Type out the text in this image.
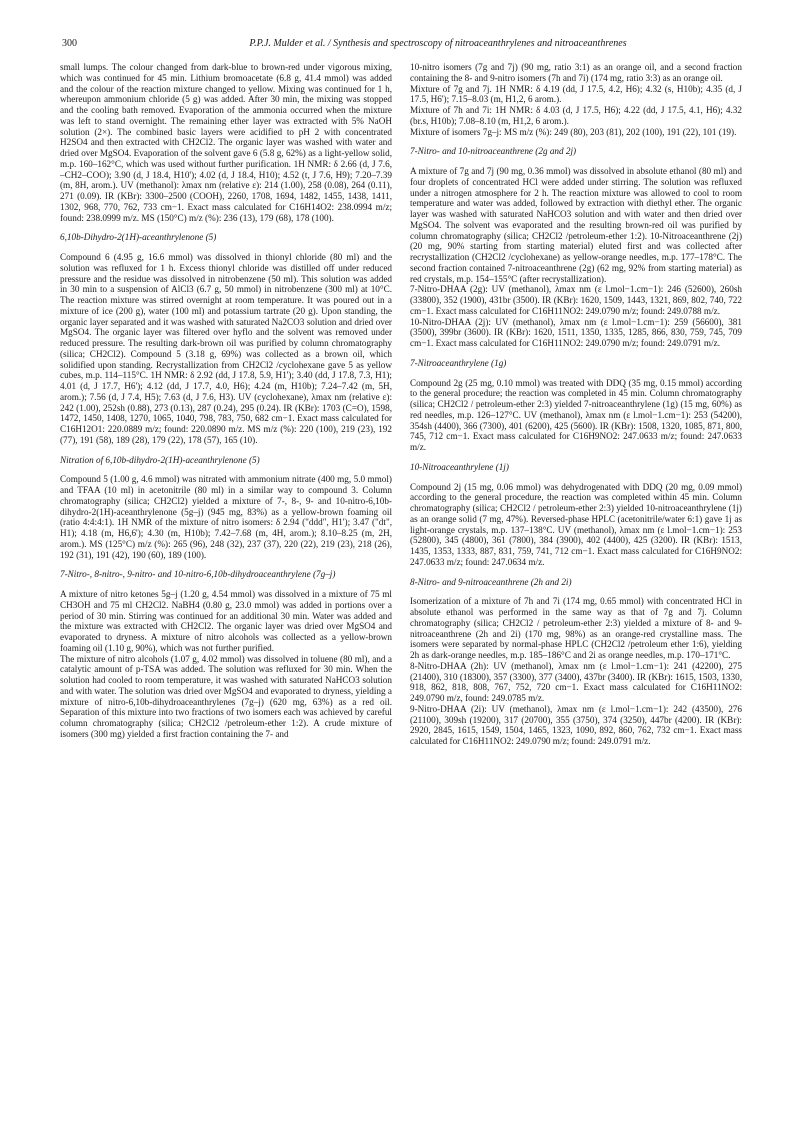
300	P.P.J. Mulder et al. / Synthesis and spectroscopy of nitroaceanthrylenes and nitroaceanthrenes

small lumps. The colour changed from dark-blue to brown-red under vigorous mixing, which was continued for 45 min. Lithium bromoacetate (6.8 g, 41.4 mmol) was added and the colour of the reaction mixture changed to yellow. Mixing was continued for 1 h, whereupon ammonium chloride (5 g) was added. After 30 min, the mixing was stopped and the cooling bath removed. Evaporation of the ammonia occurred when the mixture was left to stand overnight. The remaining ether layer was extracted with 5% NaOH solution (2×). The combined basic layers were acidified to pH 2 with concentrated H2SO4 and then extracted with CH2Cl2. The organic layer was washed with water and dried over MgSO4. Evaporation of the solvent gave 6 (5.8 g, 62%) as a light-yellow solid, m.p. 160–162°C, which was used without further purification. 1H NMR: δ 2.66 (d, J 7.6, –CH2–COO); 3.90 (d, J 18.4, H10'); 4.02 (d, J 18.4, H10); 4.52 (t, J 7.6, H9); 7.20–7.39 (m, 8H, arom.). UV (methanol): λmax nm (relative ε): 214 (1.00), 258 (0.08), 264 (0.11), 271 (0.09). IR (KBr): 3300–2500 (COOH), 2260, 1708, 1694, 1482, 1455, 1438, 1411, 1302, 968, 770, 762, 733 cm−1. Exact mass calculated for C16H14O2: 238.0994 m/z; found: 238.0999 m/z. MS (150°C) m/z (%): 236 (13), 179 (68), 178 (100).

6,10b-Dihydro-2(1H)-aceanthrylenone (5)

Compound 6 (4.95 g, 16.6 mmol) was dissolved in thionyl chloride (80 ml) and the solution was refluxed for 1 h. Excess thionyl chloride was distilled off under reduced pressure and the residue was dissolved in nitrobenzene (50 ml). This solution was added in 30 min to a suspension of AlCl3 (6.7 g, 50 mmol) in nitrobenzene (300 ml) at 10°C. The reaction mixture was stirred overnight at room temperature. It was poured out in a mixture of ice (200 g), water (100 ml) and potassium tartrate (20 g). Upon standing, the organic layer separated and it was washed with saturated Na2CO3 solution and dried over MgSO4. The organic layer was filtered over hyflo and the solvent was removed under reduced pressure. The resulting dark-brown oil was purified by column chromatography (silica; CH2Cl2). Compound 5 (3.18 g, 69%) was collected as a brown oil, which solidified upon standing. Recrystallization from CH2Cl2 /cyclohexane gave 5 as yellow cubes, m.p. 114–115°C. 1H NMR: δ 2.92 (dd, J 17.8, 5.9, H1'); 3.40 (dd, J 17.8, 7.3, H1); 4.01 (d, J 17.7, H6'); 4.12 (dd, J 17.7, 4.0, H6); 4.24 (m, H10b); 7.24–7.42 (m, 5H, arom.); 7.56 (d, J 7.4, H5); 7.63 (d, J 7.6, H3). UV (cyclohexane), λmax nm (relative ε): 242 (1.00), 252sh (0.88), 273 (0.13), 287 (0.24), 295 (0.24). IR (KBr): 1703 (C=O), 1598, 1472, 1450, 1408, 1270, 1065, 1040, 798, 783, 750, 682 cm−1. Exact mass calculated for C16H12O1: 220.0889 m/z; found: 220.0890 m/z. MS m/z (%): 220 (100), 219 (23), 192 (77), 191 (58), 189 (28), 179 (22), 178 (57), 165 (10).

Nitration of 6,10b-dihydro-2(1H)-aceanthrylenone (5)

Compound 5 (1.00 g, 4.6 mmol) was nitrated with ammonium nitrate (400 mg, 5.0 mmol) and TFAA (10 ml) in acetonitrile (80 ml) in a similar way to compound 3. Column chromatography (silica; CH2Cl2) yielded a mixture of 7-, 8-, 9- and 10-nitro-6,10b-dihydro-2(1H)-aceanthrylenone (5g–j) (945 mg, 83%) as a yellow-brown foaming oil (ratio 4:4:4:1). 1H NMR of the mixture of nitro isomers: δ 2.94 ("ddd", H1'); 3.47 ("dt", H1); 4.18 (m, H6,6'); 4.30 (m, H10b); 7.42–7.68 (m, 4H, arom.); 8.10–8.25 (m, 2H, arom.). MS (125°C) m/z (%): 265 (96), 248 (32), 237 (37), 220 (22), 219 (23), 218 (26), 192 (31), 191 (42), 190 (60), 189 (100).

7-Nitro-, 8-nitro-, 9-nitro- and 10-nitro-6,10b-dihydroaceanthrylene (7g–j)

A mixture of nitro ketones 5g–j (1.20 g, 4.54 mmol) was dissolved in a mixture of 75 ml CH3OH and 75 ml CH2Cl2. NaBH4 (0.80 g, 23.0 mmol) was added in portions over a period of 30 min. Stirring was continued for an additional 30 min. Water was added and the mixture was extracted with CH2Cl2. The organic layer was dried over MgSO4 and evaporated to dryness. A mixture of nitro alcohols was collected as a yellow-brown foaming oil (1.10 g, 90%), which was not further purified.

The mixture of nitro alcohols (1.07 g, 4.02 mmol) was dissolved in toluene (80 ml), and a catalytic amount of p-TSA was added. The solution was refluxed for 30 min. When the solution had cooled to room temperature, it was washed with saturated NaHCO3 solution and with water. The solution was dried over MgSO4 and evaporated to dryness, yielding a mixture of nitro-6,10b-dihydroaceanthrylenes (7g–j) (620 mg, 63%) as a red oil. Separation of this mixture into two fractions of two isomers each was achieved by careful column chromatography (silica; CH2Cl2 /petroleum-ether 1:2). A crude mixture of isomers (300 mg) yielded a first fraction containing the 7- and

10-nitro isomers (7g and 7j) (90 mg, ratio 3:1) as an orange oil, and a second fraction containing the 8- and 9-nitro isomers (7h and 7i) (174 mg, ratio 3:3) as an orange oil.

Mixture of 7g and 7j. 1H NMR: δ 4.19 (dd, J 17.5, 4.2, H6); 4.32 (s, H10b); 4.35 (d, J 17.5, H6'); 7.15–8.03 (m, H1,2, 6 arom.).

Mixture of 7h and 7i: 1H NMR: δ 4.03 (d, J 17.5, H6); 4.22 (dd, J 17.5, 4.1, H6); 4.32 (br.s, H10b); 7.08–8.10 (m, H1,2, 6 arom.).

Mixture of isomers 7g–j: MS m/z (%): 249 (80), 203 (81), 202 (100), 191 (22), 101 (19).

7-Nitro- and 10-nitroaceanthrene (2g and 2j)

A mixture of 7g and 7j (90 mg, 0.36 mmol) was dissolved in absolute ethanol (80 ml) and four droplets of concentrated HCl were added under stirring. The solution was refluxed under a nitrogen atmosphere for 2 h. The reaction mixture was allowed to cool to room temperature and water was added, followed by extraction with diethyl ether. The organic layer was washed with saturated NaHCO3 solution and with water and then dried over MgSO4. The solvent was evaporated and the resulting brown-red oil was purified by column chromatography (silica; CH2Cl2 /petroleum-ether 1:2). 10-Nitroaceanthrene (2j) (20 mg, 90% starting from starting material) eluted first and was collected after recrystallization (CH2Cl2 /cyclohexane) as yellow-orange needles, m.p. 177–178°C. The second fraction contained 7-nitroaceanthrene (2g) (62 mg, 92% from starting material) as red crystals, m.p. 154–155°C (after recrystallization).

7-Nitro-DHAA (2g): UV (methanol), λmax nm (ε l.mol−1.cm−1): 246 (52600), 260sh (33800), 352 (1900), 431br (3500). IR (KBr): 1620, 1509, 1443, 1321, 869, 802, 740, 722 cm−1. Exact mass calculated for C16H11NO2: 249.0790 m/z; found: 249.0788 m/z.

10-Nitro-DHAA (2j): UV (methanol), λmax nm (ε l.mol−1.cm−1): 259 (56600), 381 (3500), 399br (3600). IR (KBr): 1620, 1511, 1350, 1335, 1285, 866, 830, 759, 745, 709 cm−1. Exact mass calculated for C16H11NO2: 249.0790 m/z; found: 249.0791 m/z.

7-Nitroaceanthrylene (1g)

Compound 2g (25 mg, 0.10 mmol) was treated with DDQ (35 mg, 0.15 mmol) according to the general procedure; the reaction was completed in 45 min. Column chromatography (silica; CH2Cl2 / petroleum-ether 2:3) yielded 7-nitroaceanthrylene (1g) (15 mg, 60%) as red needles, m.p. 126–127°C. UV (methanol), λmax nm (ε l.mol−1.cm−1): 253 (54200), 354sh (4400), 366 (7300), 401 (6200), 425 (5600). IR (KBr): 1508, 1320, 1085, 871, 800, 745, 712 cm−1. Exact mass calculated for C16H9NO2: 247.0633 m/z; found: 247.0633 m/z.

10-Nitroaceanthrylene (1j)

Compound 2j (15 mg, 0.06 mmol) was dehydrogenated with DDQ (20 mg, 0.09 mmol) according to the general procedure, the reaction was completed within 45 min. Column chromatography (silica; CH2Cl2 / petroleum-ether 2:3) yielded 10-nitroaceanthrylene (1j) as an orange solid (7 mg, 47%). Reversed-phase HPLC (acetonitrile/water 6:1) gave 1j as light-orange crystals, m.p. 137–138°C. UV (methanol), λmax nm (ε l.mol−1.cm−1): 253 (52800), 345 (4800), 361 (7800), 384 (3900), 402 (4400), 425 (3200). IR (KBr): 1513, 1435, 1353, 1333, 887, 831, 759, 741, 712 cm−1. Exact mass calculated for C16H9NO2: 247.0633 m/z; found: 247.0634 m/z.

8-Nitro- and 9-nitroaceanthrene (2h and 2i)

Isomerization of a mixture of 7h and 7i (174 mg, 0.65 mmol) with concentrated HCl in absolute ethanol was performed in the same way as that of 7g and 7j. Column chromatography (silica; CH2Cl2 / petroleum-ether 2:3) yielded a mixture of 8- and 9-nitroaceanthrene (2h and 2i) (170 mg, 98%) as an orange-red crystalline mass. The isomers were separated by normal-phase HPLC (CH2Cl2 /petroleum ether 1:6), yielding 2h as dark-orange needles, m.p. 185–186°C and 2i as orange needles, m.p. 170–171°C.

8-Nitro-DHAA (2h): UV (methanol), λmax nm (ε l.mol−1.cm−1): 241 (42200), 275 (21400), 310 (18300), 357 (3300), 377 (3400), 437br (3400). IR (KBr): 1615, 1503, 1330, 918, 862, 818, 808, 767, 752, 720 cm−1. Exact mass calculated for C16H11NO2: 249.0790 m/z, found: 249.0785 m/z.

9-Nitro-DHAA (2i): UV (methanol), λmax nm (ε l.mol−1.cm−1): 242 (43500), 276 (21100), 309sh (19200), 317 (20700), 355 (3750), 374 (3250), 447br (4200). IR (KBr): 2920, 2845, 1615, 1549, 1504, 1465, 1323, 1090, 892, 860, 762, 732 cm−1. Exact mass calculated for C16H11NO2: 249.0790 m/z; found: 249.0791 m/z.
